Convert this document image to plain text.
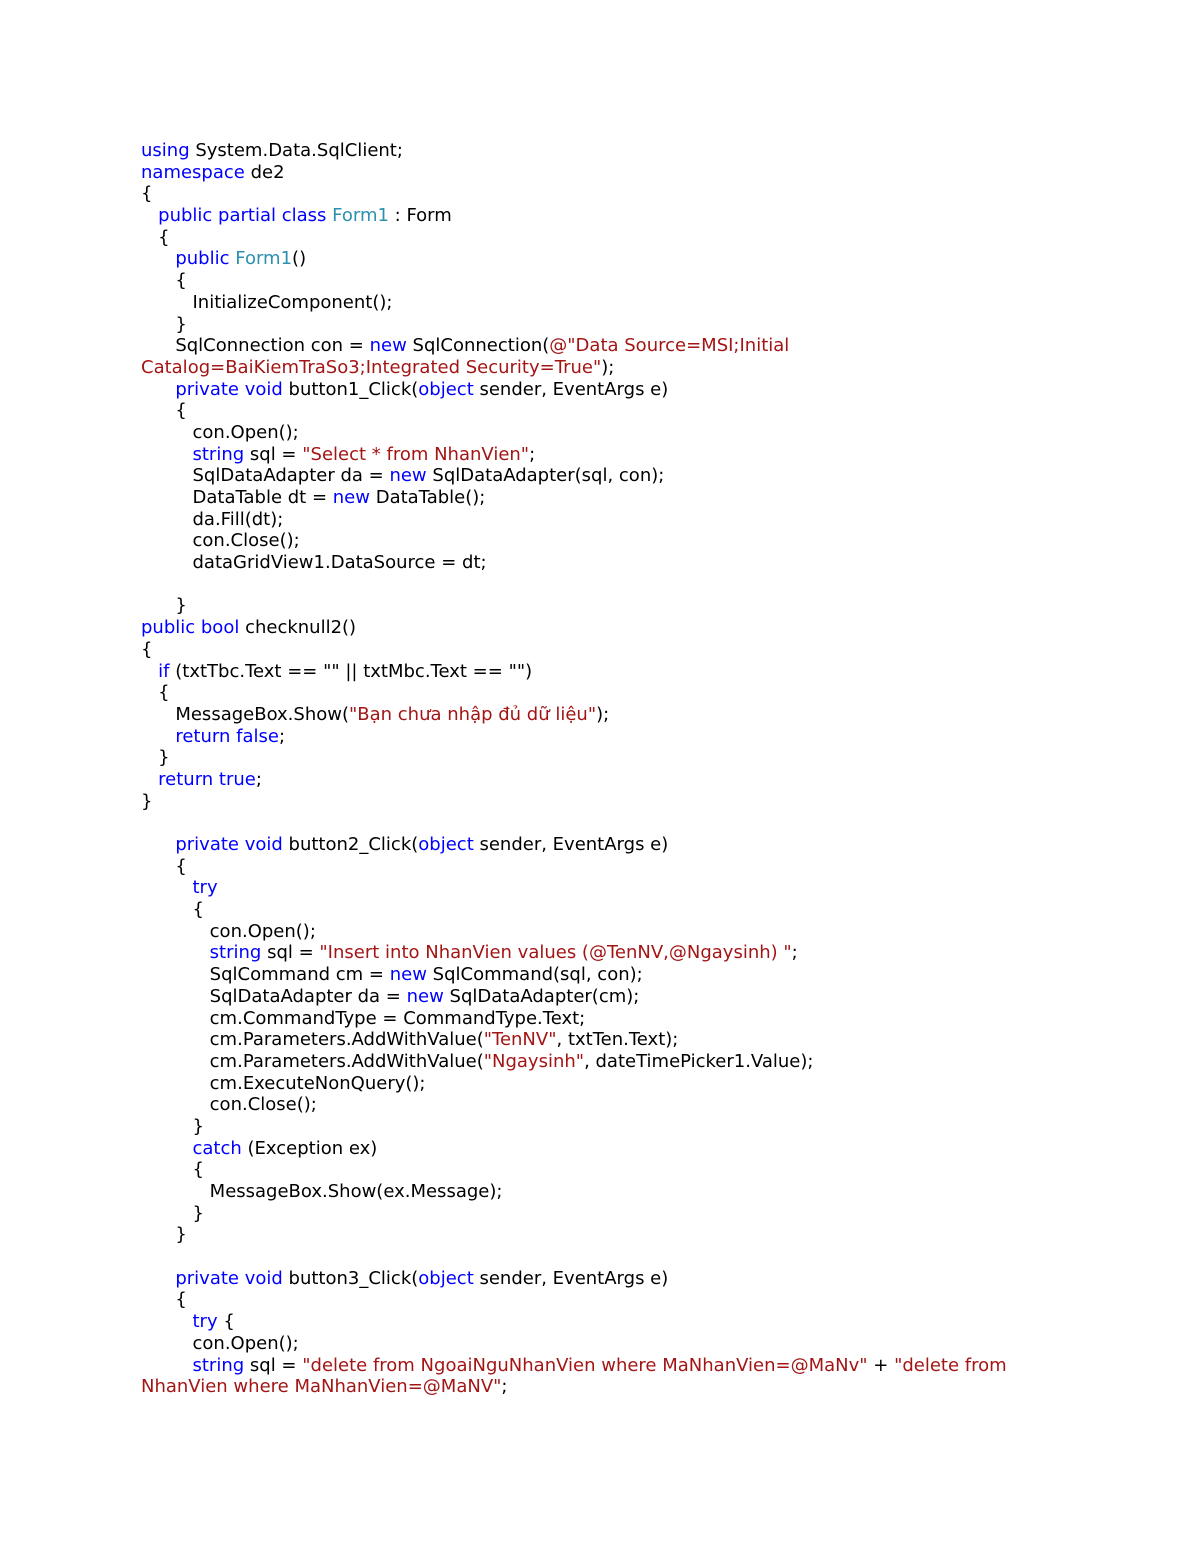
using System.Data.SqlClient;
namespace de2
{
public partial class Form1 : Form
{
public Form1()
{
InitializeComponent();
}
SqlConnection con = new SqlConnection(@"Data Source=MSI;Initial
Catalog=BaiKiemTraSo3;Integrated Security=True");
private void button1_Click(object sender, EventArgs e)
{
con.Open();
string sql = "Select * from NhanVien";
SqlDataAdapter da = new SqlDataAdapter(sql, con);
DataTable dt = new DataTable();
da.Fill(dt);
con.Close();
dataGridView1.DataSource = dt;
}
public bool checknull2()
{
if (txtTbc.Text == "" || txtMbc.Text == "")
{
MessageBox.Show("Bạn chưa nhập đủ dữ liệu");
return false;
}
return true;
}
private void button2_Click(object sender, EventArgs e)
{
try
{
con.Open();
string sql = "Insert into NhanVien values (@TenNV,@Ngaysinh) ";
SqlCommand cm = new SqlCommand(sql, con);
SqlDataAdapter da = new SqlDataAdapter(cm);
cm.CommandType = CommandType.Text;
cm.Parameters.AddWithValue("TenNV", txtTen.Text);
cm.Parameters.AddWithValue("Ngaysinh", dateTimePicker1.Value);
cm.ExecuteNonQuery();
con.Close();
}
catch (Exception ex)
{
MessageBox.Show(ex.Message);
}
}
private void button3_Click(object sender, EventArgs e)
{
try {
con.Open();
string sql = "delete from NgoaiNguNhanVien where MaNhanVien=@MaNv" + "delete from
NhanVien where MaNhanVien=@MaNV";
